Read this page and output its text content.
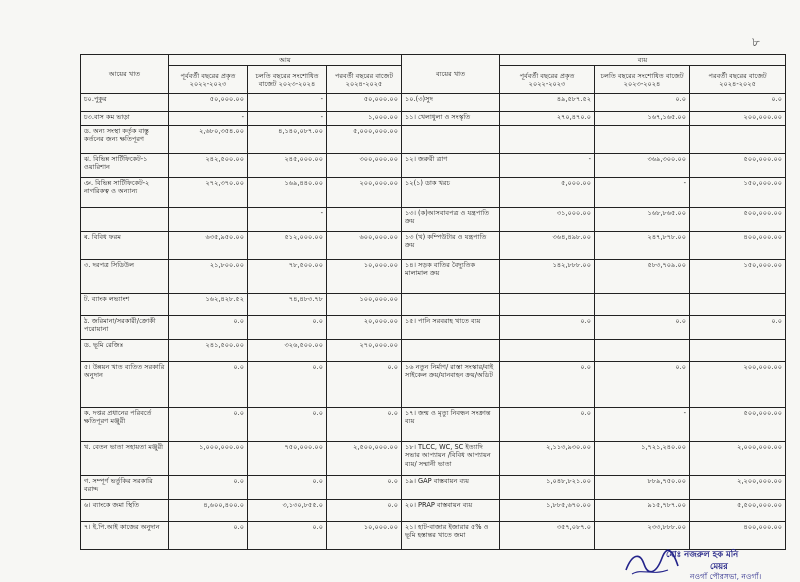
৮
আয়ের খাত	আয়			ব্যয়ের খাত	ব্যয়		
	পূর্ববর্তী বছরের প্রকৃত ২০২২-২০২৩	চলতি বছরের সংশোধিত বাজেট ২০২৩-২০২৪	পরবর্তী বছরের বাজেট ২০২৪-২০২৫		পূর্ববর্তী বছরের প্রকৃত ২০২২-২০২৩	চলতি বছরের সংশোধিত বাজেট ২০২৩-২০২৪	পরবর্তী বছরের বাজেট ২০২৪-২০২৫
চ০.পুকুর	৫০,০০০.০০	-	৫০,০০০.০০	১০.(৩)সুদ	৪৯,৫৮৭.৫২	০.০	০.০
চ৩.বাস কম ভাড়া	-	-	১,০০০.০০	১১। খেলাধুলা ও সংস্কৃতি	২৭০,৪৭০.০	১৬৭,১৬৫.০০	২০০,০০০.০০
ড. অন্য সংস্থা কর্তৃক বাস্তু কর্তনের জন্য ক্ষতিপূরণ	২,৬৮০,৩৫৪.০০	৪,১৪০,০৮৭.০০	৫,০০০,০০০.০০				
ঝ. বিভিন্ন সার্টিফিকেট-১ ওয়ারিশান	২৪২,৫০০.০০	২৪৫,০০০.০০	৩০০,০০০.০০	১২। জরুরী ত্রাণ	-	৩৬৯,৩০০.০০	৫০০,০০০.০০
ঞ. বিভিন্ন সার্টিফিকেট-২ নাগরিকত্ব ও অন্যান্য	২৭২,৩৭০.০০	১৬৯,৪৪০.০০	২০০,০০০.০০	১২(১) ডাক খরচ	৫,০০০.০০	-	১৫০,০০০.০০
		-		১৩। (ক)আসবাবপত্র ও যন্ত্রপাতি ক্রয়	৩১,০০০.০০	১৬৮,৮৬৫.০০	৫০০,০০০.০০
ৰ. বিবিধ ফরম	৬৩৫,৯৫০.০০	৫১২,০০০.০০	৬০০,০০০.০০	১৩ (খ) কম্পিউটার ও যন্ত্রপাতি ক্রয়	৩৬৪,৪৯৮.০০	২৪৭,৮৭৮.০০	৪০০,০০০.০০
৩. দরপত্র সিডিউল	২১,৮০০.০০	৭৮,৫০০.০০	১০,০০০.০০	১৪। সড়ক বাতির বৈদ্যুতিক মালামাল ক্রয়	১৪২,৮৮৮.০০	৫৮৩,৭০৯.০০	১৫০,০০০.০০
ট. ব্যাংক লভ্যাংশ	১৬২,৪২৮.৫২	৭৪,৪৮৩.৭৮	১০০,০০০.০০				
ঠ. জরিমানা/সরকারী/ক্রোকী পরোয়ানা	০.০	০.০	২০,০০০.০০	১৫। পানি সরবরাহ খাতে ব্যয়	০.০	০.০	০.০
ড. ভূমি রেজিঃ	২৪১,৫০০.০০	৩২৬,৫০০.০০	২৭০,০০০.০০				
৫। উন্নয়ন খাত ব্যতিত সরকারি অনুদান	০.০	০.০	০.০	১৬ নতুন নির্মাণ/ রাস্তা সংস্কার/বাই সাইকেল ক্রয়/যানবাহন ক্রয়/অডিট	০.০	০.০	২০০,০০০.০০
ক. দপ্তর প্রধানের পরিবর্তে ক্ষতিপূরণ মঞ্জুরী	০.০	০.০	০.০	১৭। জন্ম ও মৃত্যু নিবন্ধন সংক্রান্ত ব্যয়	০.০	-	৫০০,০০০.০০
খ. বেতন ভাতা সহায়তা মঞ্জুরী	১,০০০,০০০.০০	৭৫০,০০০.০০	২,৫০০,০০০.০০	১৮। TLCC, WC, SC ইত্যাদি সভার আপ্যায়ন /বিবিধ আপ্যায়ন ব্যয়/ সম্মানী ভাতা	২,১১৩,৯৩০.০০	১,৭২১,২৪০.০০	২,০০০,০০০.০০
গ. সম্পূর্ণ ভর্তুকির সরকারি বরাদ্দ	০.০	০.০	০.০	১৯। GAP বাস্তবায়ন ব্যয়	১,০৪৮,৮২১.০০	৮৮৯,৭৫০.০০	২,২০০,০০০.০০
৬। ব্যাংকে জমা স্থিতি	৪,৬০০,৪০০.০	৩,১৩০,৮৫৫.০	০.০	২০। PRAP বাস্তবায়ন ব্যয়	১,৮৮৫,৬৭০.০০	৯১৫,৭৮৭.০০	৫,৫০০,০০০.০০
৭। ই.পি.আই কাজের অনুদান	০.০	০.০	১০,০০০.০০	২১। হাট-বাজার ইজারার ৫% ও ভূমি হস্তান্তর খাতে জমা	৩৫৭,০৮৭.০	২৩৩,৮৮৮.০০	৪০০,০০০.০০
মোঃ নজরুল হক মনি
মেয়র
নওগাঁ পৌরসভা, নওগাঁ।
